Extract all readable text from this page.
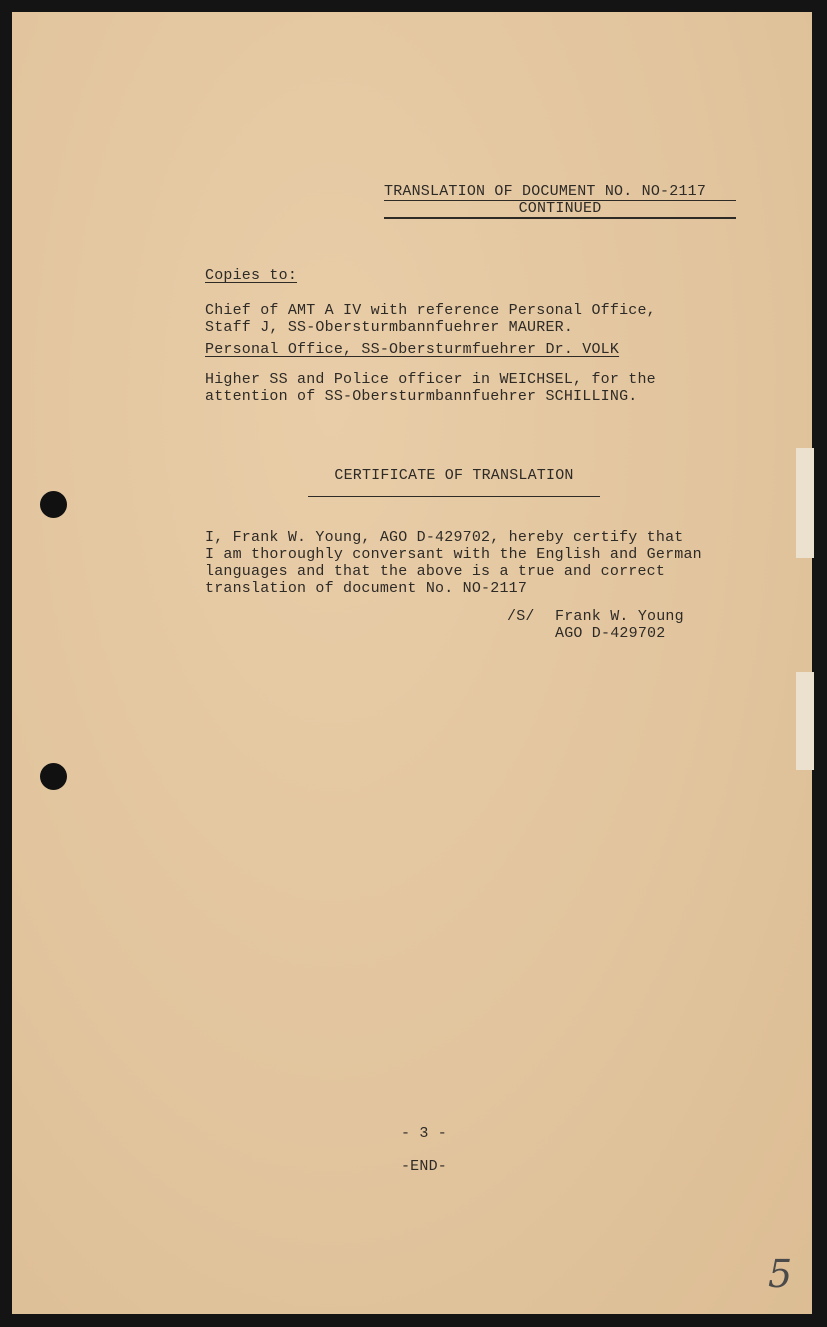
TRANSLATION OF DOCUMENT NO. NO-2117
CONTINUED
Copies to:
Chief of AMT A IV with reference Personal Office,
Staff J, SS-Obersturmbannfuehrer MAURER.
Personal Office, SS-Obersturmfuehrer Dr. VOLK
Higher SS and Police officer in WEICHSEL, for the
attention of SS-Obersturmbannfuehrer SCHILLING.
CERTIFICATE OF TRANSLATION
I, Frank W. Young, AGO D-429702, hereby certify that
I am thoroughly conversant with the English and German
languages and that the above is a true and correct
translation of document No. NO-2117
/S/ Frank W. Young
AGO D-429702
- 3 -
-END-
5
